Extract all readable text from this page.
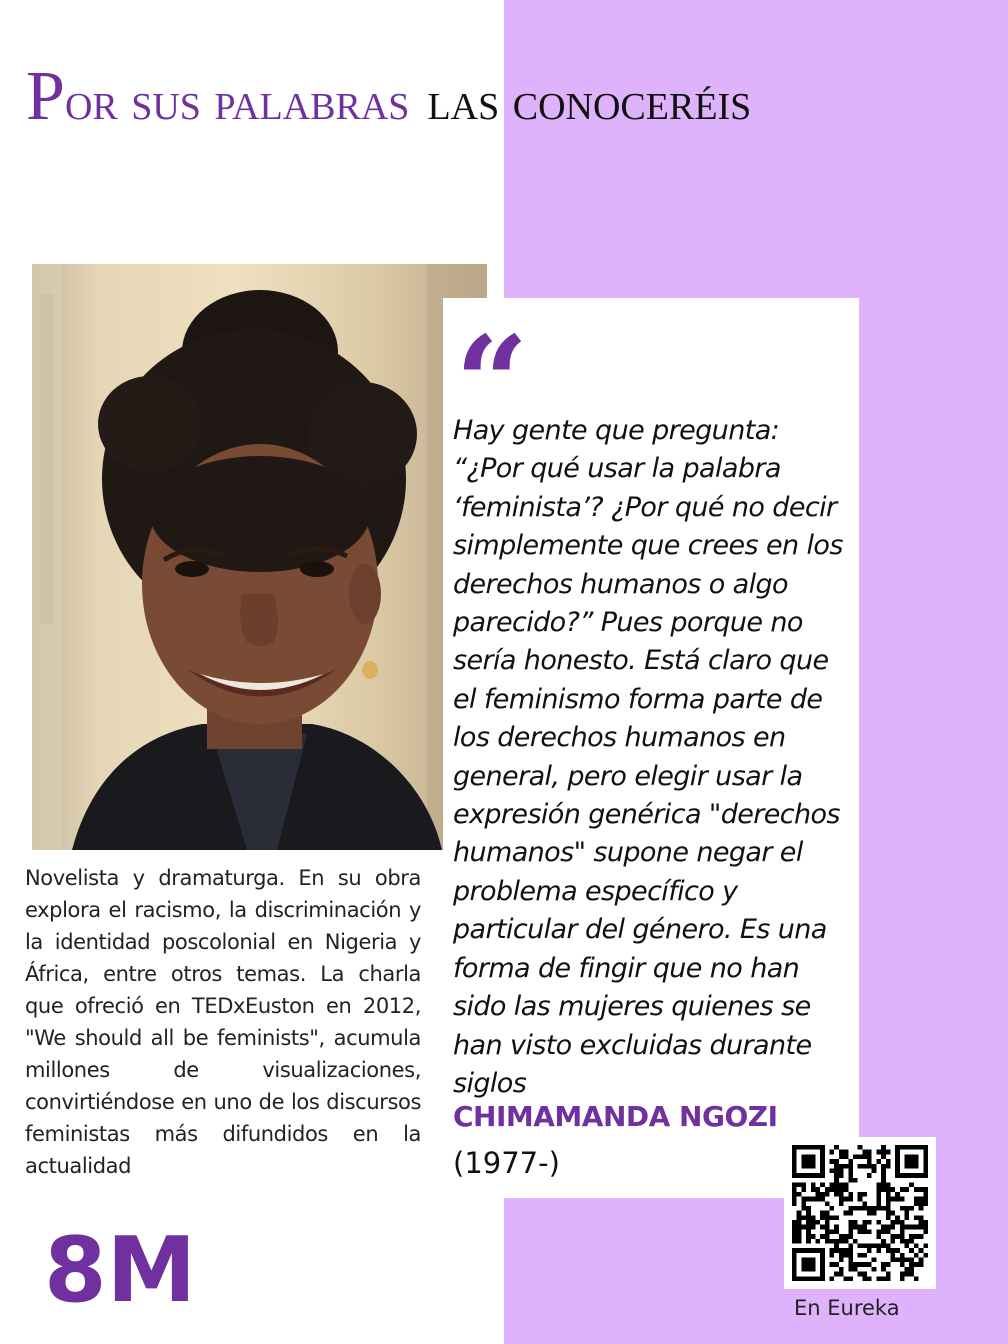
Por sus palabras las conoceréis
“

Hay gente que pregunta: “¿Por qué usar la palabra ‘feminista’? ¿Por qué no decir simplemente que crees en los derechos humanos o algo parecido?” Pues porque no sería honesto. Está claro que el feminismo forma parte de los derechos humanos en general, pero elegir usar la expresión genérica "derechos humanos" supone negar el problema específico y particular del género. Es una forma de fingir que no han sido las mujeres quienes se han visto excluidas durante siglos

CHIMAMANDA NGOZI
(1977-)

Novelista y dramaturga. En su obra explora el racismo, la discriminación y la identidad poscolonial en Nigeria y África, entre otros temas. La charla que ofreció en TEDxEuston en 2012, "We should all be feminists", acumula millones de visualizaciones, convirtiéndose en uno de los discursos feministas más difundidos en la actualidad

8M	En Eureka
